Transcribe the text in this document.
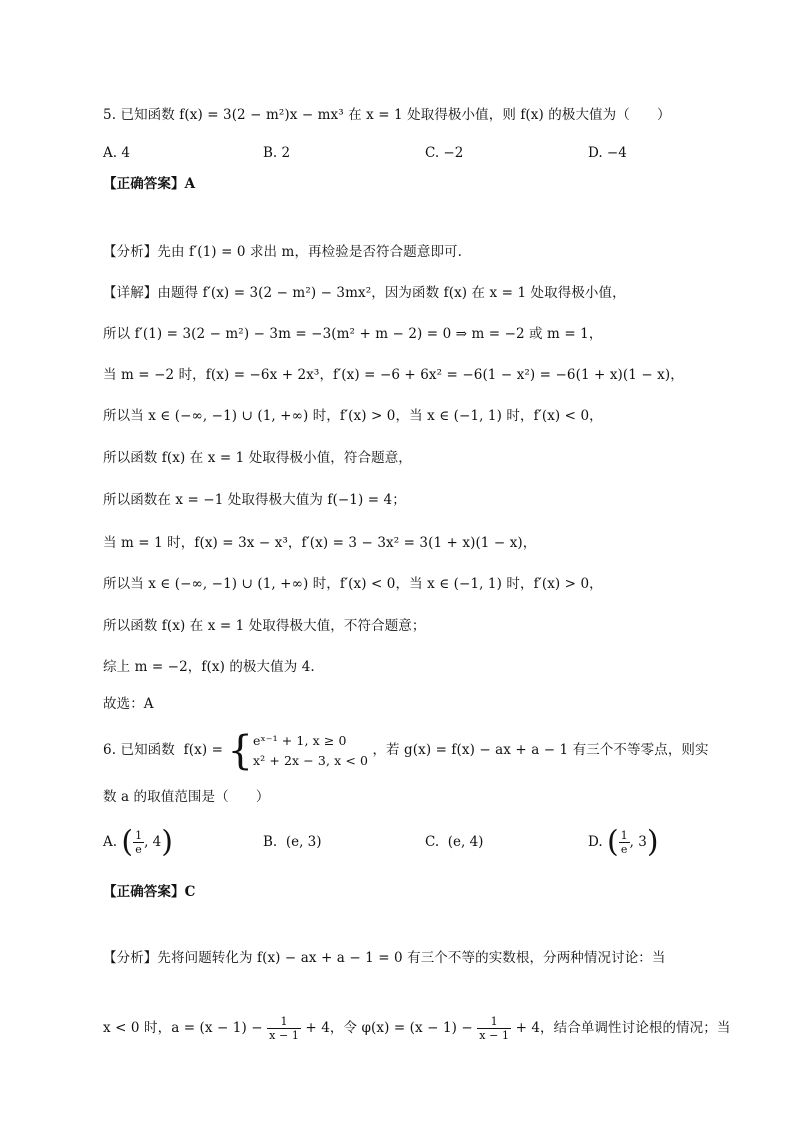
5. 已知函数 f(x) = 3(2 − m²)x − mx³ 在 x = 1 处取得极小值，则 f(x) 的极大值为（　　）
A. 4	B. 2	C. −2	D. −4
【正确答案】A
【分析】先由 f′(1) = 0 求出 m，再检验是否符合题意即可.
【详解】由题得 f′(x) = 3(2 − m²) − 3mx²，因为函数 f(x) 在 x = 1 处取得极小值，
所以 f′(1) = 3(2 − m²) − 3m = −3(m² + m − 2) = 0 ⇒ m = −2 或 m = 1，
当 m = −2 时，f(x) = −6x + 2x³，f′(x) = −6 + 6x² = −6(1 − x²) = −6(1 + x)(1 − x)，
所以当 x ∈ (−∞, −1) ∪ (1, +∞) 时，f′(x) > 0，当 x ∈ (−1, 1) 时，f′(x) < 0，
所以函数 f(x) 在 x = 1 处取得极小值，符合题意，
所以函数在 x = −1 处取得极大值为 f(−1) = 4；
当 m = 1 时，f(x) = 3x − x³，f′(x) = 3 − 3x² = 3(1 + x)(1 − x)，
所以当 x ∈ (−∞, −1) ∪ (1, +∞) 时，f′(x) < 0，当 x ∈ (−1, 1) 时，f′(x) > 0，
所以函数 f(x) 在 x = 1 处取得极大值，不符合题意；
综上 m = −2，f(x) 的极大值为 4.
故选：A
6. 已知函数 f(x) = { eˣ⁻¹ + 1, x ≥ 0
x² + 2x − 3, x < 0
，若 g(x) = f(x) − ax + a − 1 有三个不等零点，则实
数 a 的取值范围是（　　）
A. ( $\frac{1}{e}$ , 4)	B. (e, 3)	C. (e, 4)	D. ( $\frac{1}{e}$ , 3)
【正确答案】C
【分析】先将问题转化为 f(x) − ax + a − 1 = 0 有三个不等的实数根，分两种情况讨论：当
x < 0 时，$a = (x - 1) - \frac{1}{x - 1} + 4$，令 $\varphi(x) = (x - 1) - \frac{1}{x - 1} + 4$，结合单调性讨论根的情况；当
